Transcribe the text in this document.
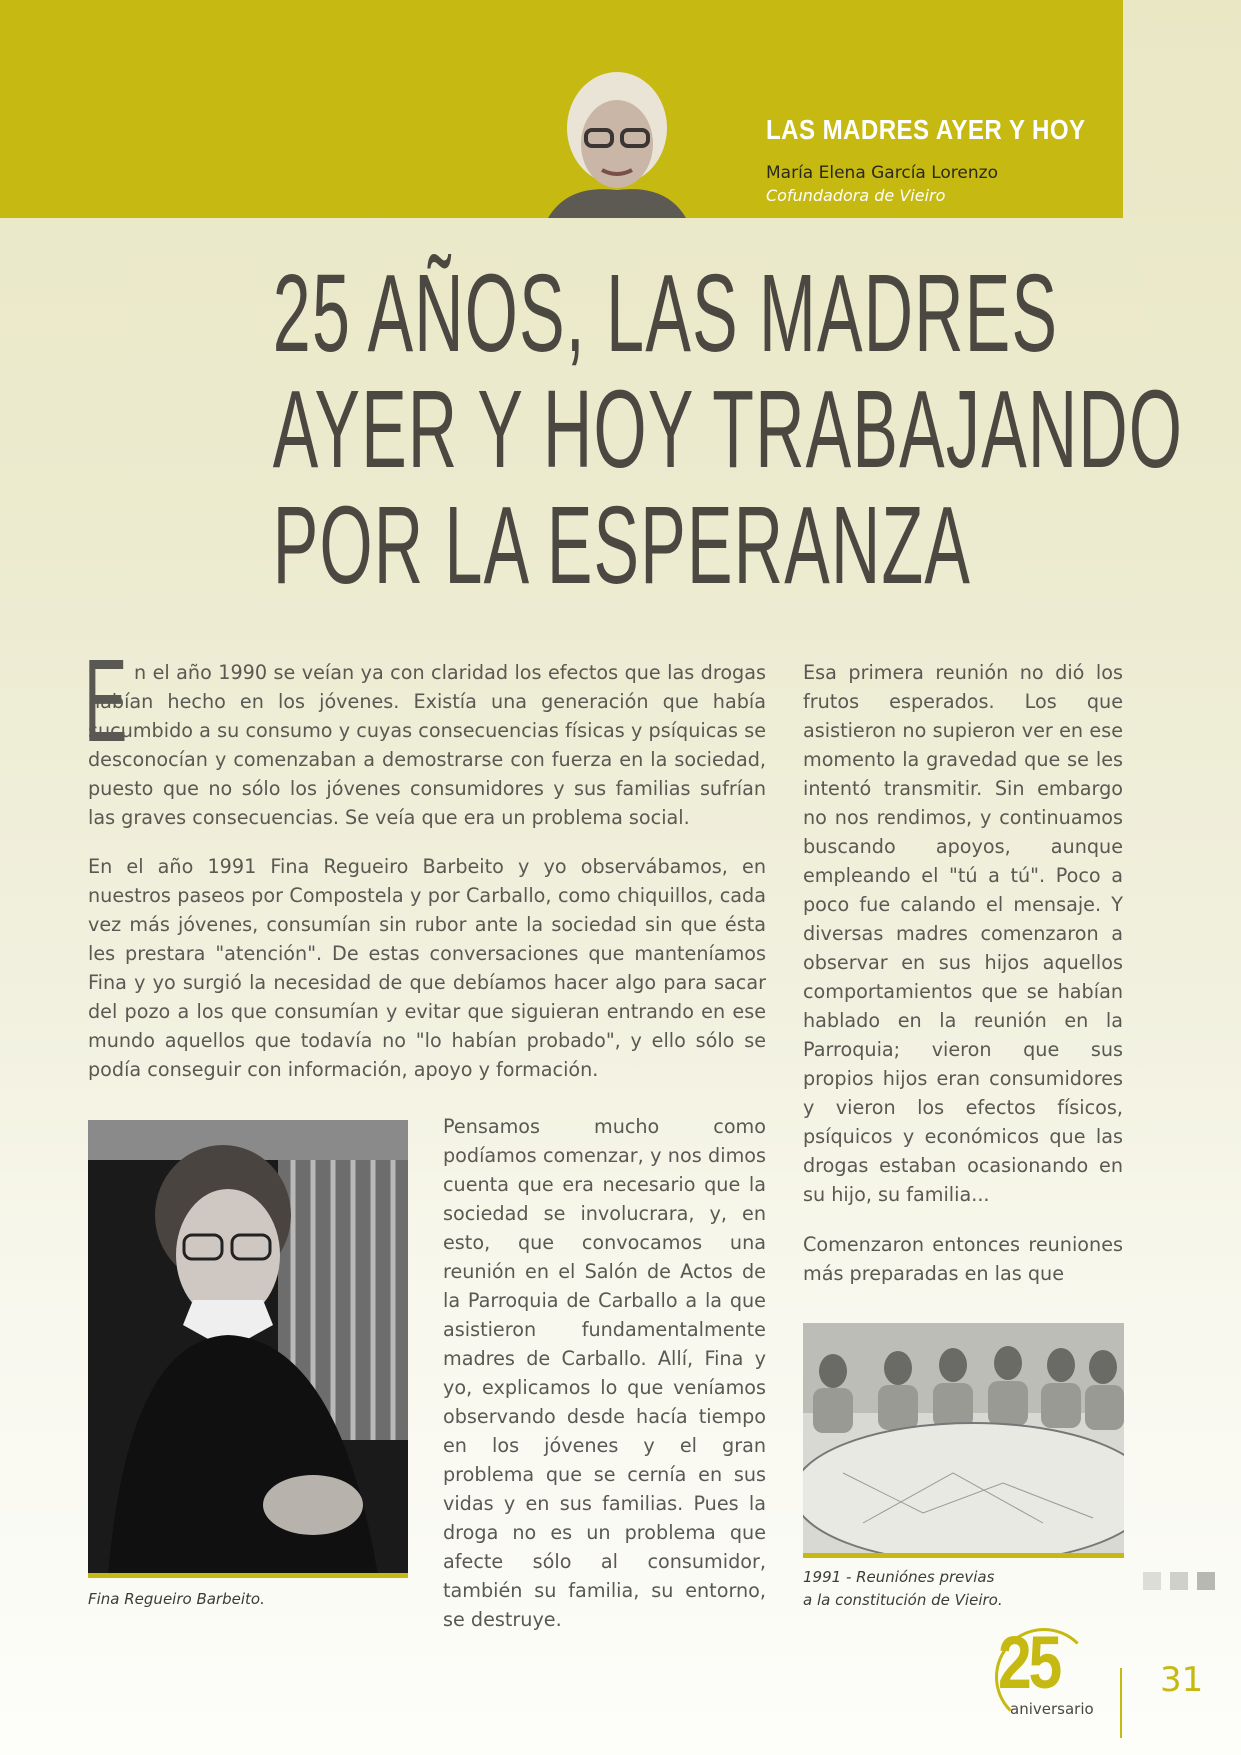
LAS MADRES AYER Y HOY
María Elena García Lorenzo
Cofundadora de Vieiro
25 AÑOS, LAS MADRES
AYER Y HOY TRABAJANDO
POR LA ESPERANZA
E n el año 1990 se veían ya con claridad los efectos que las drogas habían hecho en los jóvenes. Existía una generación que había sucumbido a su consumo y cuyas consecuencias físicas y psíquicas se desconocían y comenzaban a demostrarse con fuerza en la sociedad, puesto que no sólo los jóvenes consumidores y sus familias sufrían las graves consecuencias. Se veía que era un problema social.
En el año 1991 Fina Regueiro Barbeito y yo observábamos, en nuestros paseos por Compostela y por Carballo, como chiquillos, cada vez más jóvenes, consumían sin rubor ante la sociedad sin que ésta les prestara "atención". De estas conversaciones que manteníamos Fina y yo surgió la necesidad de que debíamos hacer algo para sacar del pozo a los que consumían y evitar que siguieran entrando en ese mundo aquellos que todavía no "lo habían probado", y ello sólo se podía conseguir con información, apoyo y formación.
Fina Regueiro Barbeito.
Pensamos mucho como podíamos comenzar, y nos dimos cuenta que era necesario que la sociedad se involucrara, y, en esto, que convocamos una reunión en el Salón de Actos de la Parroquia de Carballo a la que asistieron fundamentalmente madres de Carballo. Allí, Fina y yo, explicamos lo que veníamos observando desde hacía tiempo en los jóvenes y el gran problema que se cernía en sus vidas y en sus familias. Pues la droga no es un problema que afecte sólo al consumidor, también su familia, su entorno, se destruye.
Esa primera reunión no dió los frutos esperados. Los que asistieron no supieron ver en ese momento la gravedad que se les intentó transmitir. Sin embargo no nos rendimos, y continuamos buscando apoyos, aunque empleando el "tú a tú". Poco a poco fue calando el mensaje. Y diversas madres comenzaron a observar en sus hijos aquellos comportamientos que se habían hablado en la reunión en la Parroquia; vieron que sus propios hijos eran consumidores y vieron los efectos físicos, psíquicos y económicos que las drogas estaban ocasionando en su hijo, su familia...
Comenzaron entonces reuniones más preparadas en las que
1991 - Reuniónes previas
a la constitución de Vieiro.
25
aniversario
31
